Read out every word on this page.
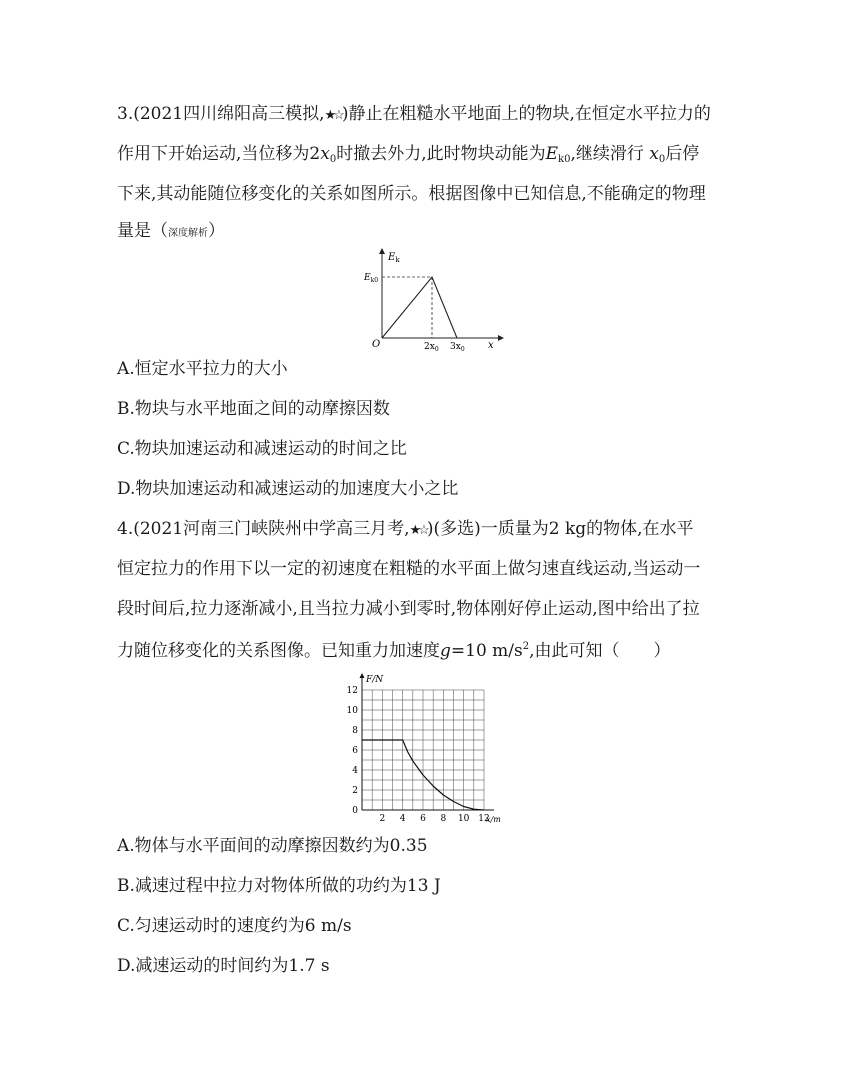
3.(2021四川绵阳高三模拟,★☆)静止在粗糙水平地面上的物块,在恒定水平拉力的
作用下开始运动,当位移为$2x_0$时撤去外力,此时物块动能为$E_{k0}$,继续滑行 $x_0$后停
下来,其动能随位移变化的关系如图所示。根据图像中已知信息,不能确定的物理
量是（深度解析）
$E_k$
$E_{k0}$
O	$2x_0$ $3x_0$ x
A.恒定水平拉力的大小
B.物块与水平地面之间的动摩擦因数
C.物块加速运动和减速运动的时间之比
D.物块加速运动和减速运动的加速度大小之比
4.(2021河南三门峡陕州中学高三月考,★☆)(多选)一质量为2 kg的物体,在水平
恒定拉力的作用下以一定的初速度在粗糙的水平面上做匀速直线运动,当运动一
段时间后,拉力逐渐减小,且当拉力减小到零时,物体刚好停止运动,图中给出了拉
力随位移变化的关系图像。已知重力加速度g=10 $m/s^2$,由此可知（　　）
0
2
4
6
8
10
12
2 4 6 8 10 12
F/N
x/m
A.物体与水平面间的动摩擦因数约为0.35
B.减速过程中拉力对物体所做的功约为13 J
C.匀速运动时的速度约为6 m/s
D.减速运动的时间约为1.7 s
